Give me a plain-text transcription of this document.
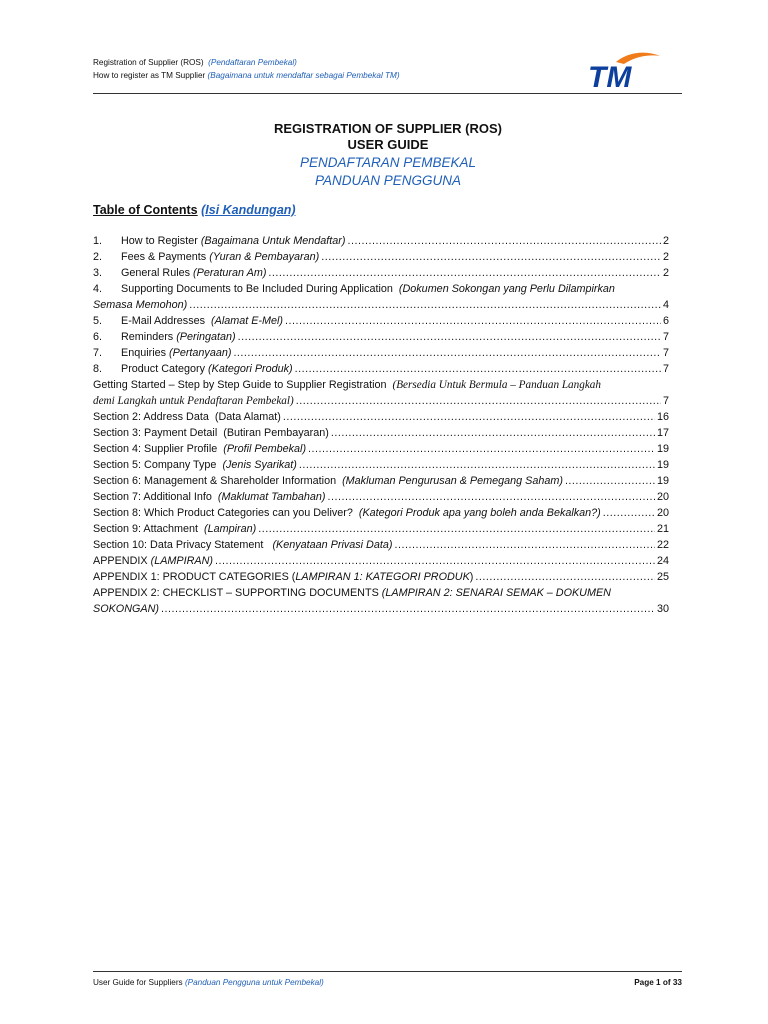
Registration of Supplier (ROS) (Pendaftaran Pembekal)
How to register as TM Supplier (Bagaimana untuk mendaftar sebagai Pembekal TM)	TM
REGISTRATION OF SUPPLIER (ROS)
USER GUIDE
PENDAFTARAN PEMBEKAL
PANDUAN PENGGUNA
Table of Contents (Isi Kandungan)
1.	How to Register (Bagaimana Untuk Mendaftar) .....	2
2.	Fees & Payments (Yuran & Pembayaran) .....	2
3.	General Rules (Peraturan Am) .....	2
4. Supporting Documents to Be Included During Application (Dokumen Sokongan yang Perlu Dilampirkan
Semasa Memohon) .....	4
5.	E-Mail Addresses (Alamat E-Mel) .....	6
6.	Reminders (Peringatan) .....	7
7.	Enquiries (Pertanyaan) .....	7
8.	Product Category (Kategori Produk) .....	7
Getting Started – Step by Step Guide to Supplier Registration (Bersedia Untuk Bermula – Panduan Langkah
demi Langkah untuk Pendaftaran Pembekal) .....	7
Section 2: Address Data (Data Alamat) .....	16
Section 3: Payment Detail (Butiran Pembayaran) .....	17
Section 4: Supplier Profile (Profil Pembekal) .....	19
Section 5: Company Type (Jenis Syarikat) .....	19
Section 6: Management & Shareholder Information (Makluman Pengurusan & Pemegang Saham) .....	19
Section 7: Additional Info (Maklumat Tambahan) .....	20
Section 8: Which Product Categories can you Deliver? (Kategori Produk apa yang boleh anda Bekalkan?) .....	20
Section 9: Attachment (Lampiran) .....	21
Section 10: Data Privacy Statement (Kenyataan Privasi Data) .....	22
APPENDIX (LAMPIRAN) .....	24
APPENDIX 1: PRODUCT CATEGORIES (LAMPIRAN 1: KATEGORI PRODUK) .....	25
APPENDIX 2: CHECKLIST – SUPPORTING DOCUMENTS (LAMPIRAN 2: SENARAI SEMAK – DOKUMEN
SOKONGAN) .....	30
User Guide for Suppliers (Panduan Pengguna untuk Pembekal)	Page 1 of 33
